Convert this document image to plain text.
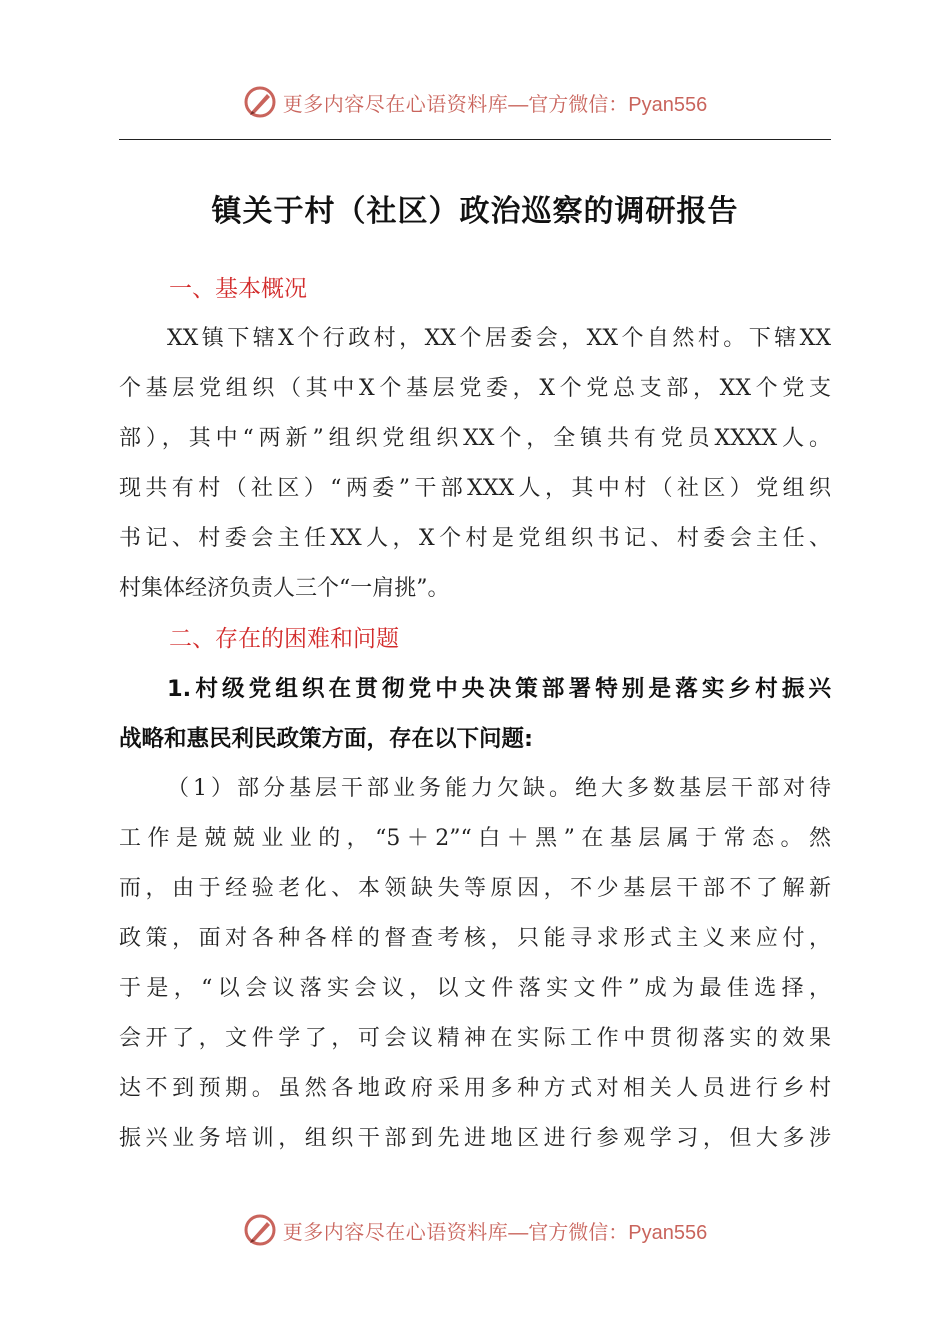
更多内容尽在心语资料库 —官方微信：Pyan556
镇关于村（社区）政治巡察的调研报告
一、基本概况
XX镇下辖X个行政村，XX个居委会，XX个自然村。下辖XX
个基层党组织（其中X个基层党委，X个党总支部，XX个党支
部），其中“两新”组织党组织XX个，全镇共有党员XXXX人。
现共有村（社区）“两委”干部XXX人，其中村（社区）党组织
书记、村委会主任XX人，X个村是党组织书记、村委会主任、
村集体经济负责人三个“一肩挑”。
二、存在的困难和问题
1.村级党组织在贯彻党中央决策部署特别是落实乡村振兴
战略和惠民利民政策方面，存在以下问题:
（1）部分基层干部业务能力欠缺。绝大多数基层干部对待
工作是兢兢业业的，“5＋2”“白＋黑”在基层属于常态。然
而，由于经验老化、本领缺失等原因，不少基层干部不了解新
政策，面对各种各样的督查考核，只能寻求形式主义来应付，
于是，“以会议落实会议，以文件落实文件”成为最佳选择，
会开了，文件学了，可会议精神在实际工作中贯彻落实的效果
达不到预期。虽然各地政府采用多种方式对相关人员进行乡村
振兴业务培训，组织干部到先进地区进行参观学习，但大多涉
更多内容尽在心语资料库 —官方微信：Pyan556
